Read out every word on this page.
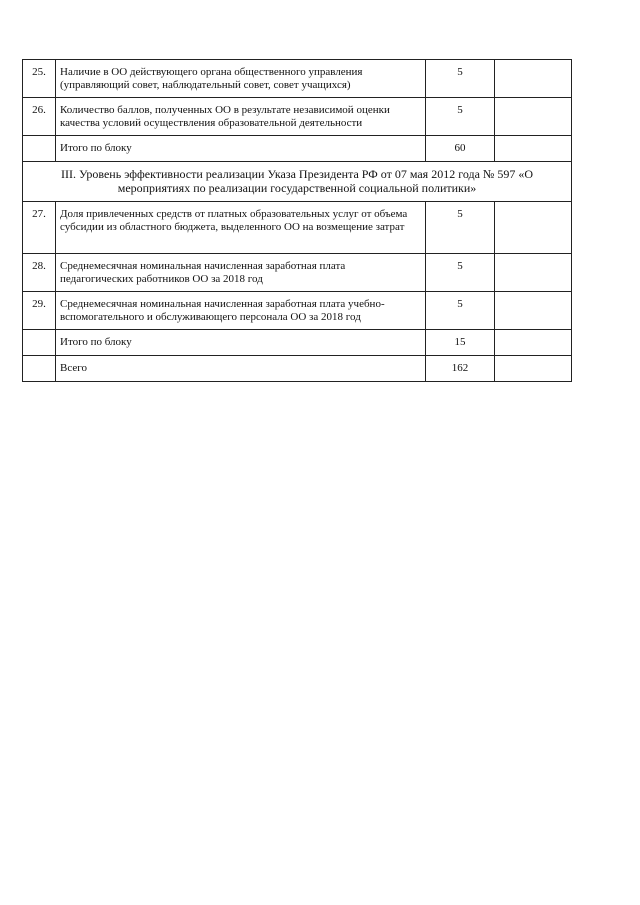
25.	Наличие в ОО действующего органа общественного управления (управляющий совет, наблюдательный совет, совет учащихся)	5	
26.	Количество баллов, полученных ОО в результате независимой оценки качества условий осуществления образовательной деятельности	5	
	Итого по блоку	60	
III. Уровень эффективности реализации Указа Президента РФ от 07 мая 2012 года № 597 «О мероприятиях по реализации государственной социальной политики»			
27.	Доля привлеченных средств от платных образовательных услуг от объема субсидии из областного бюджета, выделенного ОО на возмещение затрат	5	
28.	Среднемесячная номинальная начисленная заработная плата педагогических работников ОО за 2018 год	5	
29.	Среднемесячная номинальная начисленная заработная плата учебно-вспомогательного и обслуживающего персонала ОО за 2018 год	5	
	Итого по блоку	15	
	Всего	162	
